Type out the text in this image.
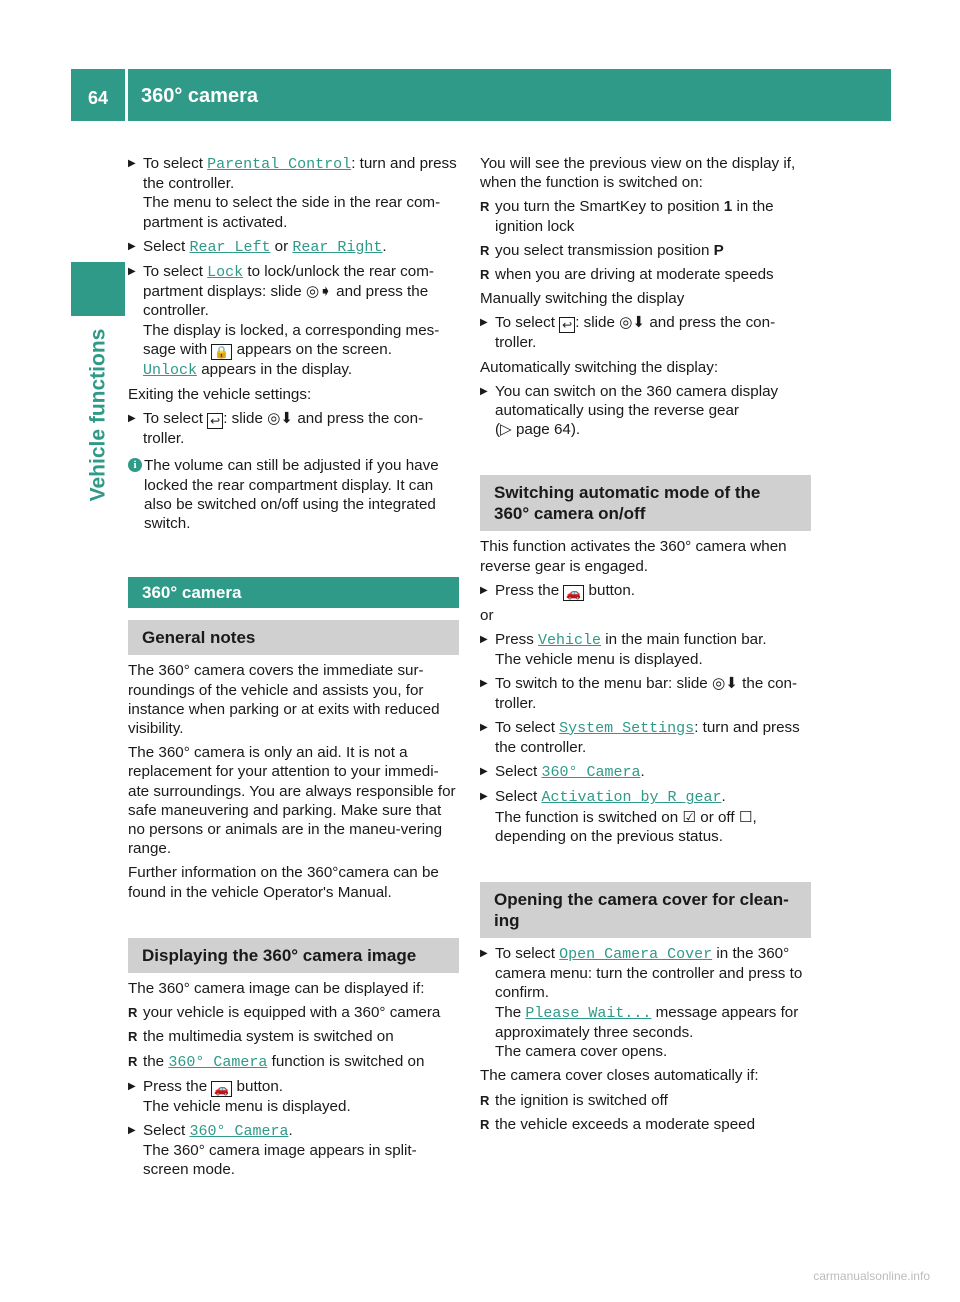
64	360° camera
Vehicle functions
▶ To select Parental Control: turn and press the controller.
The menu to select the side in the rear com-partment is activated.
▶ Select Rear Left or Rear Right.
▶ To select Lock to lock/unlock the rear com-partment displays: slide ◎➧ and press the controller.
The display is locked, a corresponding mes-sage with 🔒 appears on the screen.
Unlock appears in the display.

Exiting the vehicle settings:

▶ To select ↩ : slide ◎⬇ and press the con-troller.
i The volume can still be adjusted if you have locked the rear compartment display. It can also be switched on/off using the integrated switch.
360° camera
General notes

The 360° camera covers the immediate sur-roundings of the vehicle and assists you, for instance when parking or at exits with reduced visibility.

The 360° camera is only an aid. It is not a replacement for your attention to your immedi-ate surroundings. You are always responsible for safe maneuvering and parking. Make sure that no persons or animals are in the maneu-vering range.

Further information on the 360°camera can be found in the vehicle Operator's Manual.

Displaying the 360° camera image

The 360° camera image can be displayed if:

R your vehicle is equipped with a 360° camera
R the multimedia system is switched on
R the 360° Camera function is switched on
▶ Press the 🚗 button.
The vehicle menu is displayed.
▶ Select 360° Camera.
The 360° camera image appears in split-screen mode.

You will see the previous view on the display if, when the function is switched on:

R you turn the SmartKey to position 1 in the ignition lock
R you select transmission position P
R when you are driving at moderate speeds

Manually switching the display

▶ To select ↩ : slide ◎⬇ and press the con-troller.

Automatically switching the display:

▶ You can switch on the 360 camera display automatically using the reverse gear
(▷ page 64).
Switching automatic mode of the 360° camera on/off

This function activates the 360° camera when reverse gear is engaged.

▶ Press the 🚗 button.

or

▶ Press Vehicle in the main function bar.
The vehicle menu is displayed.
▶ To switch to the menu bar: slide ◎⬇ the con-troller.
▶ To select System Settings: turn and press the controller.
▶ Select 360° Camera.
▶ Select Activation by R gear.
The function is switched on ☑ or off ☐,
depending on the previous status.
Opening the camera cover for clean-ing
▶ To select Open Camera Cover in the 360° camera menu: turn the controller and press to confirm.
The Please Wait... message appears for approximately three seconds.
The camera cover opens.

The camera cover closes automatically if:

R the ignition is switched off
R the vehicle exceeds a moderate speed
carmanualsonline.info
